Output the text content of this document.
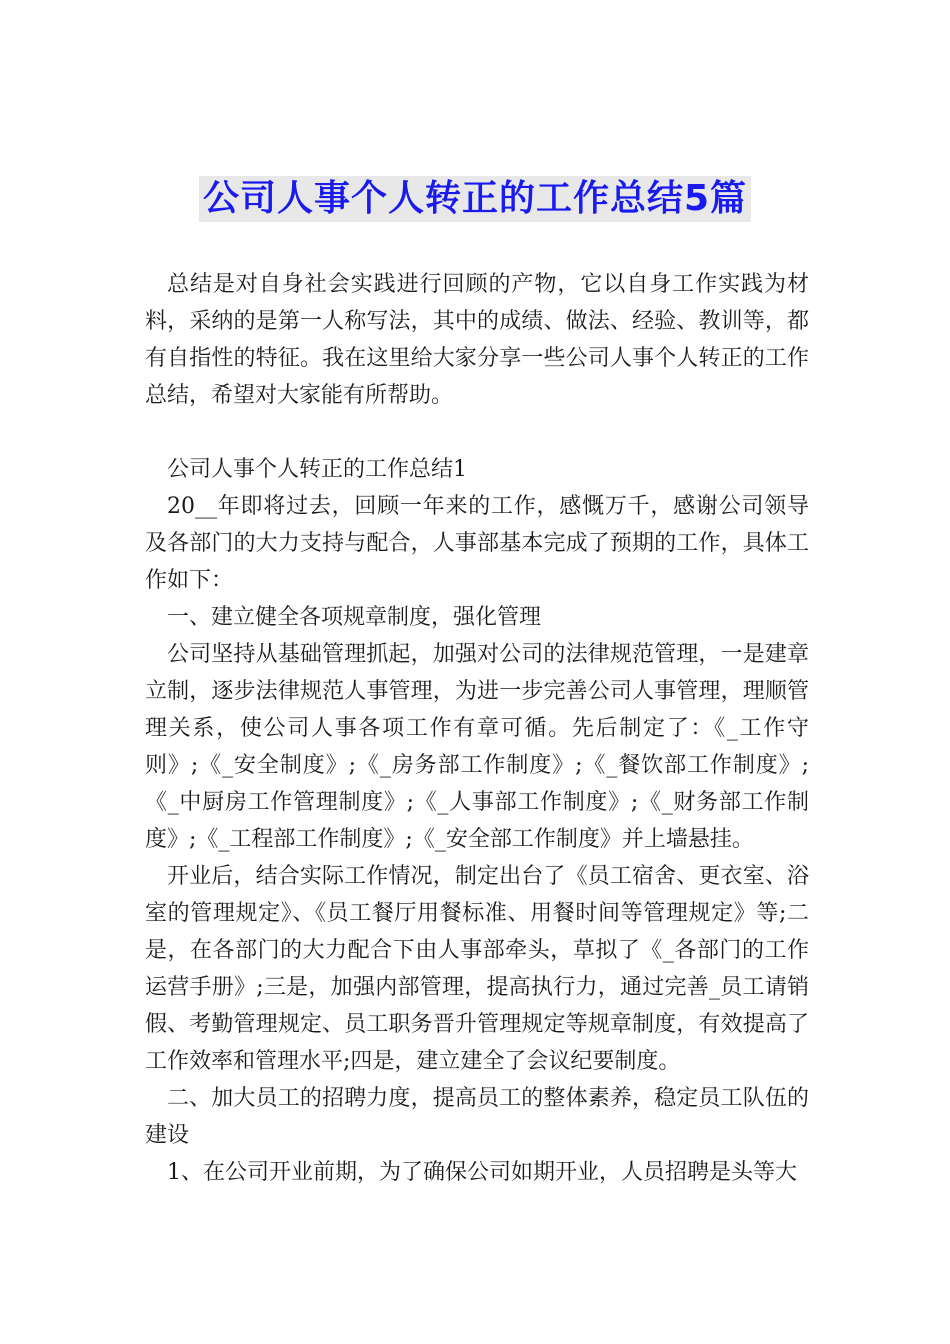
公司人事个人转正的工作总结5篇

总结是对自身社会实践进行回顾的产物，它以自身工作实践为材料，采纳的是第一人称写法，其中的成绩、做法、经验、教训等，都有自指性的特征。我在这里给大家分享一些公司人事个人转正的工作总结，希望对大家能有所帮助。

公司人事个人转正的工作总结1

20__年即将过去，回顾一年来的工作，感慨万千，感谢公司领导及各部门的大力支持与配合，人事部基本完成了预期的工作，具体工作如下：

一、建立健全各项规章制度，强化管理

公司坚持从基础管理抓起，加强对公司的法律规范管理，一是建章立制，逐步法律规范人事管理，为进一步完善公司人事管理，理顺管理关系，使公司人事各项工作有章可循。先后制定了：《_工作守则》;《_安全制度》;《_房务部工作制度》;《_餐饮部工作制度》;《_中厨房工作管理制度》;《_人事部工作制度》;《_财务部工作制度》;《_工程部工作制度》;《_安全部工作制度》并上墙悬挂。

开业后，结合实际工作情况，制定出台了《员工宿舍、更衣室、浴室的管理规定》、《员工餐厅用餐标准、用餐时间等管理规定》等;二是，在各部门的大力配合下由人事部牵头，草拟了《_各部门的工作运营手册》;三是，加强内部管理，提高执行力，通过完善_员工请销假、考勤管理规定、员工职务晋升管理规定等规章制度，有效提高了工作效率和管理水平;四是，建立建全了会议纪要制度。

二、加大员工的招聘力度，提高员工的整体素养，稳定员工队伍的建设

1、在公司开业前期，为了确保公司如期开业，人员招聘是头等大
